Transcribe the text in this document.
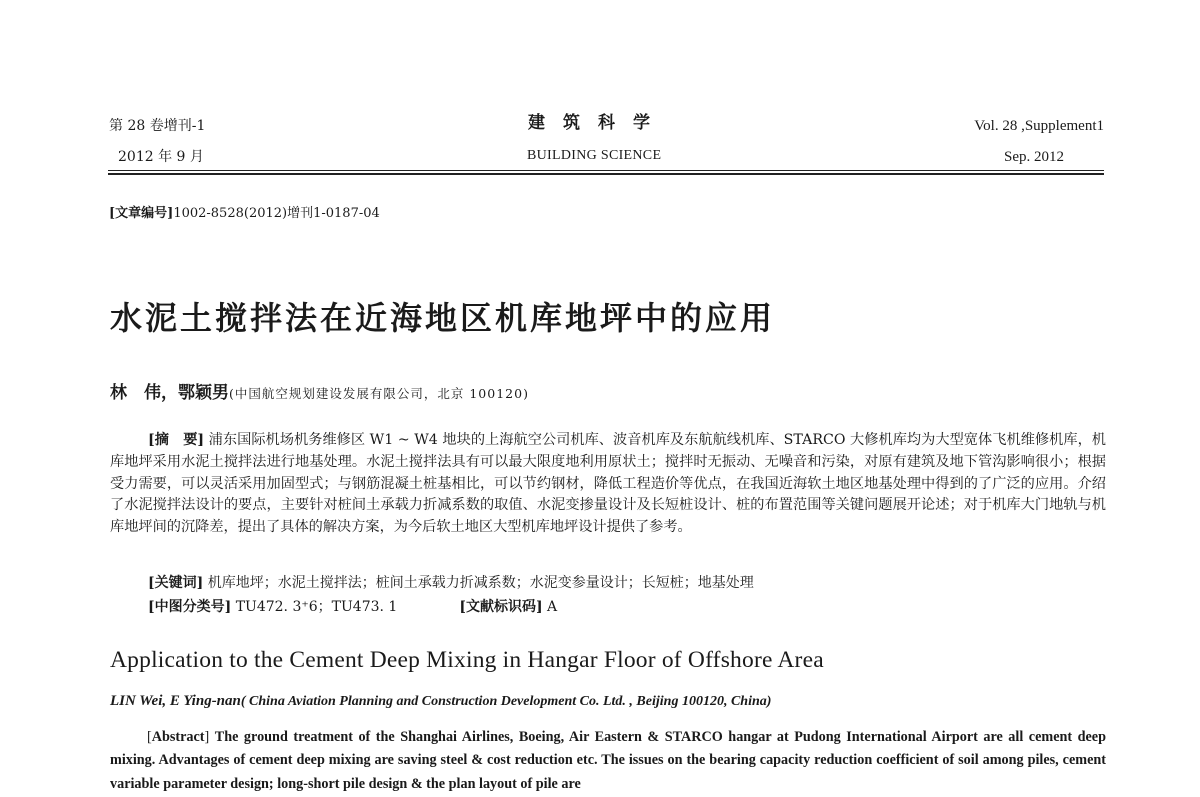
第 28 卷增刊-1
2012 年 9 月
建筑科学
BUILDING SCIENCE
Vol. 28 ,Supplement1
Sep. 2012
[文章编号]1002-8528(2012)增刊1-0187-04
水泥土搅拌法在近海地区机库地坪中的应用
林　伟，鄂颖男(中国航空规划建设发展有限公司，北京 100120)
[摘　要] 浦东国际机场机务维修区 W1 ~ W4 地块的上海航空公司机库、波音机库及东航航线机库、STARCO 大修机库均为大型宽体飞机维修机库，机库地坪采用水泥土搅拌法进行地基处理。水泥土搅拌法具有可以最大限度地利用原状土；搅拌时无振动、无噪音和污染，对原有建筑及地下管沟影响很小；根据受力需要，可以灵活采用加固型式；与钢筋混凝土桩基相比，可以节约钢材，降低工程造价等优点，在我国近海软土地区地基处理中得到的了广泛的应用。介绍了水泥搅拌法设计的要点，主要针对桩间土承载力折减系数的取值、水泥变掺量设计及长短桩设计、桩的布置范围等关键问题展开论述；对于机库大门地轨与机库地坪间的沉降差，提出了具体的解决方案，为今后软土地区大型机库地坪设计提供了参考。
[关键词] 机库地坪；水泥土搅拌法；桩间土承载力折减系数；水泥变参量设计；长短桩；地基处理
[中图分类号] TU472. 3⁺6；TU473. 1	[文献标识码] A
Application to the Cement Deep Mixing in Hangar Floor of Offshore Area
LIN Wei, E Ying-nan( China Aviation Planning and Construction Development Co. Ltd. , Beijing 100120, China)
[Abstract] The ground treatment of the Shanghai Airlines, Boeing, Air Eastern & STARCO hangar at Pudong International Airport are all cement deep mixing. Advantages of cement deep mixing are saving steel & cost reduction etc. The issues on the bearing capacity reduction coefficient of soil among piles, cement variable parameter design; long-short pile design & the plan layout of pile are
